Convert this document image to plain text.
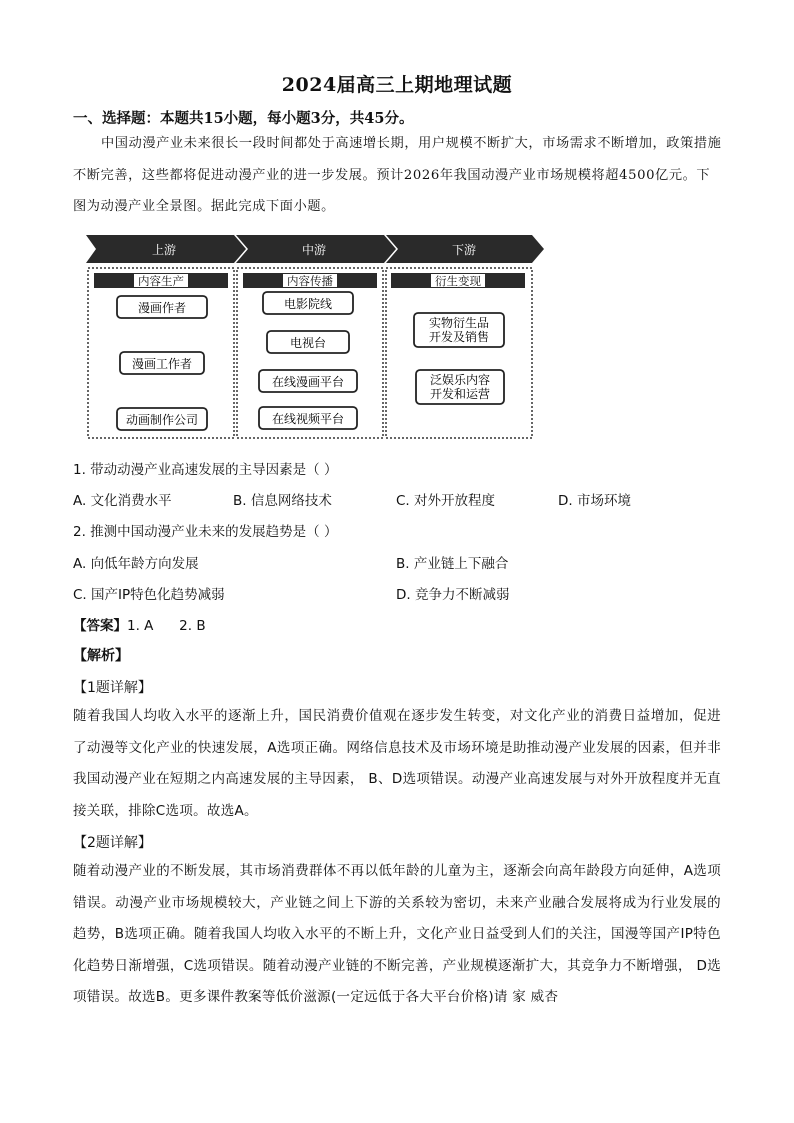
2024届高三上期地理试题
一、选择题：本题共15小题，每小题3分，共45分。
中国动漫产业未来很长一段时间都处于高速增长期，用户规模不断扩大，市场需求不断增加，政策措施不断完善，这些都将促进动漫产业的进一步发展。预计2026年我国动漫产业市场规模将超4500亿元。下图为动漫产业全景图。据此完成下面小题。
上游	中游	下游
内容生产	内容传播	衍生变现
漫画作者
漫画工作者
动画制作公司
电影院线
电视台
在线漫画平台
在线视频平台
实物衍生品
开发及销售
泛娱乐内容
开发和运营
1. 带动动漫产业高速发展的主导因素是（ ）
A. 文化消费水平	B. 信息网络技术	C. 对外开放程度	D. 市场环境
2. 推测中国动漫产业未来的发展趋势是（ ）
A. 向低年龄方向发展	B. 产业链上下融合
C. 国产IP特色化趋势减弱	D. 竞争力不断减弱
【答案】1. A      2. B
【解析】
【1题详解】
随着我国人均收入水平的逐渐上升，国民消费价值观在逐步发生转变，对文化产业的消费日益增加，促进了动漫等文化产业的快速发展，A选项正确。网络信息技术及市场环境是助推动漫产业发展的因素，但并非我国动漫产业在短期之内高速发展的主导因素， B、D选项错误。动漫产业高速发展与对外开放程度并无直接关联，排除C选项。故选A。
【2题详解】
随着动漫产业的不断发展，其市场消费群体不再以低年龄的儿童为主，逐渐会向高年龄段方向延伸，A选项错误。动漫产业市场规模较大，产业链之间上下游的关系较为密切，未来产业融合发展将成为行业发展的趋势，B选项正确。随着我国人均收入水平的不断上升，文化产业日益受到人们的关注，国漫等国产IP特色化趋势日渐增强，C选项错误。随着动漫产业链的不断完善，产业规模逐渐扩大，其竞争力不断增强， D选项错误。故选B。更多课件教案等低价滋源(一定远低于各大平台价格)请 家 威杏
